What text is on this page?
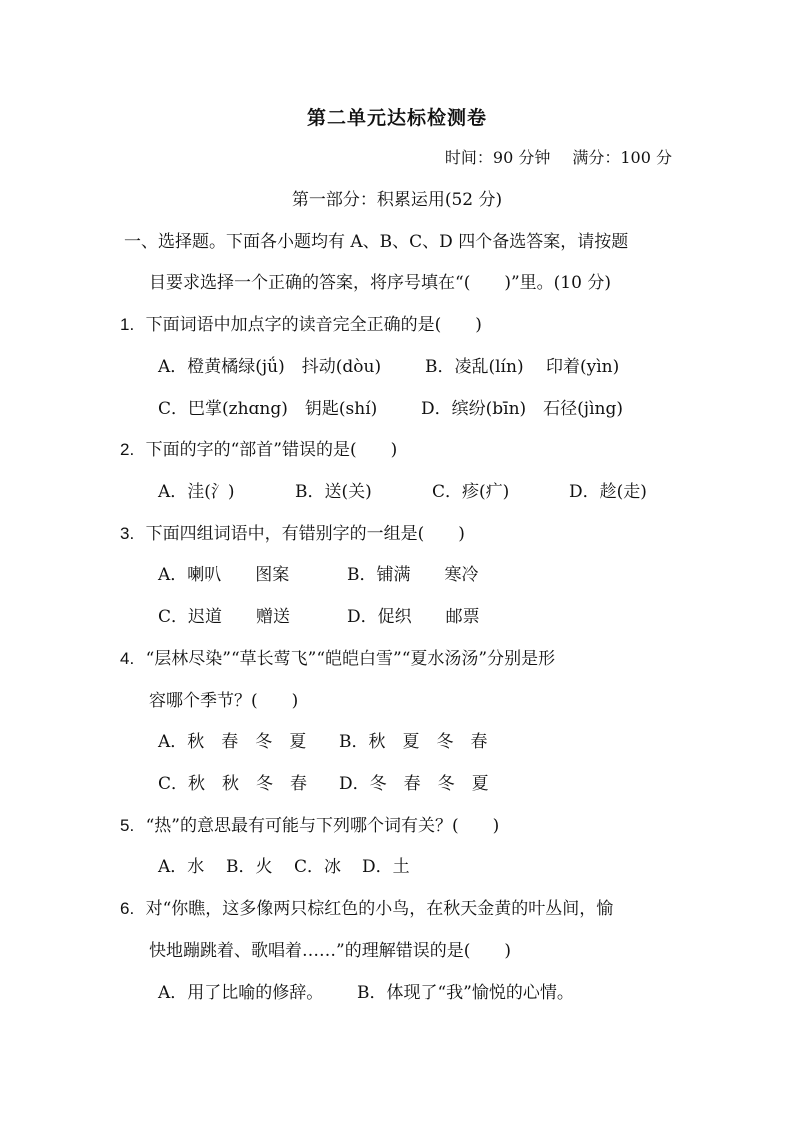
第二单元达标检测卷
时间：90 分钟 满分：100 分
第一部分：积累运用(52 分)
一、选择题。下面各小题均有 A、B、C、D 四个备选答案，请按题
目要求选择一个正确的答案，将序号填在“(　　)”里。(10 分)
1. 下面词语中加点字的读音完全正确的是(　　)
A．橙黄橘绿(jǘ)　抖动(dòu)	B．凌乱(lín)　 印着(yìn)
C．巴掌(zhɑng)　钥匙(shí)	D．缤纷(bīn)　石径(jìng)
2. 下面的字的“部首”错误的是(　　)
A．洼(氵)	B．送(关)	C．疹(疒)	D．趁(走)
3. 下面四组词语中，有错别字的一组是(　　)
A．喇叭　　图案	B．铺满　　寒冷
C．迟道　　赠送	D．促织　　邮票
4. “层林尽染”“草长莺飞”“皑皑白雪”“夏水汤汤”分别是形
容哪个季节？(　　)
A．秋　春　冬　夏 B．秋　夏　冬　春
C．秋　秋　冬　春 D．冬　春　冬　夏
5. “热”的意思最有可能与下列哪个词有关？(　　)
A．水 B．火 C．冰 D．土
6. 对“你瞧，这多像两只棕红色的小鸟，在秋天金黄的叶丛间，愉
快地蹦跳着、歌唱着……”的理解错误的是(　　)
A．用了比喻的修辞。 B．体现了“我”愉悦的心情。
